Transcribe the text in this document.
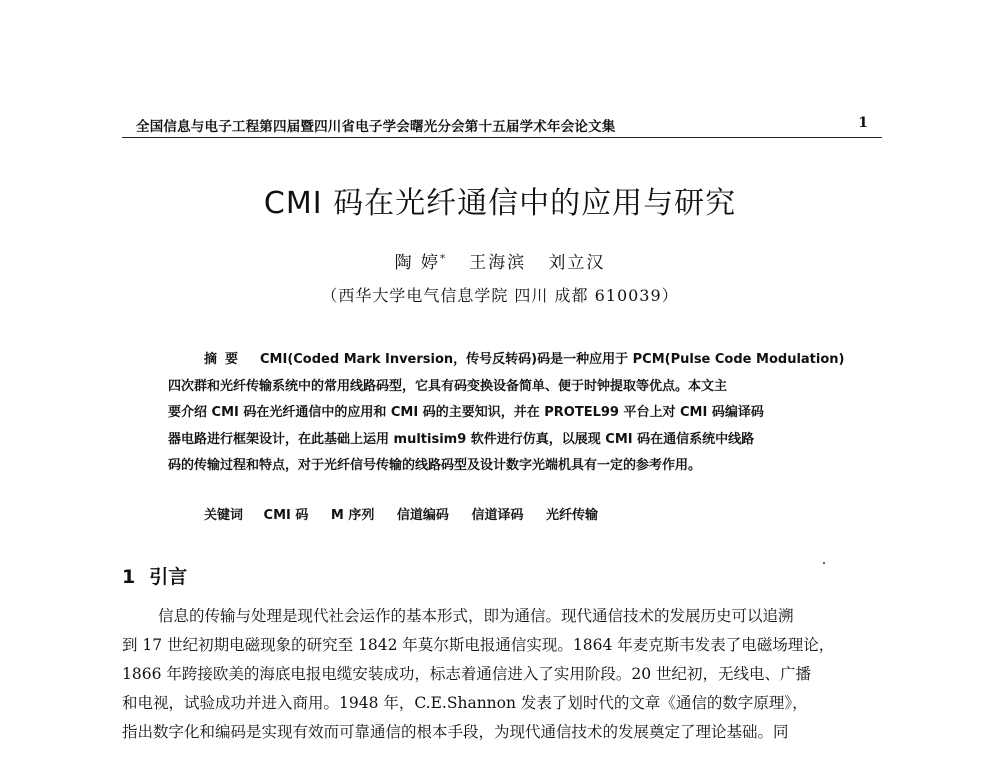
全国信息与电子工程第四届暨四川省电子学会曙光分会第十五届学术年会论文集	1
CMI 码在光纤通信中的应用与研究
陶 婷* 王海滨 刘立汉
（西华大学电气信息学院 四川 成都 610039）
摘要 CMI(Coded Mark Inversion，传号反转码)码是一种应用于 PCM(Pulse Code Modulation)
四次群和光纤传输系统中的常用线路码型，它具有码变换设备简单、便于时钟提取等优点。本文主
要介绍 CMI 码在光纤通信中的应用和 CMI 码的主要知识，并在 PROTEL99 平台上对 CMI 码编译码
器电路进行框架设计，在此基础上运用 multisim9 软件进行仿真，以展现 CMI 码在通信系统中线路
码的传输过程和特点，对于光纤信号传输的线路码型及设计数字光端机具有一定的参考作用。
关键词 CMI 码 M 序列 信道编码 信道译码 光纤传输
1 引言
信息的传输与处理是现代社会运作的基本形式，即为通信。现代通信技术的发展历史可以追溯
到 17 世纪初期电磁现象的研究至 1842 年莫尔斯电报通信实现。1864 年麦克斯韦发表了电磁场理论，
1866 年跨接欧美的海底电报电缆安装成功，标志着通信进入了实用阶段。20 世纪初，无线电、广播
和电视，试验成功并进入商用。1948 年，C.E.Shannon 发表了划时代的文章《通信的数字原理》，
指出数字化和编码是实现有效而可靠通信的根本手段，为现代通信技术的发展奠定了理论基础。同
